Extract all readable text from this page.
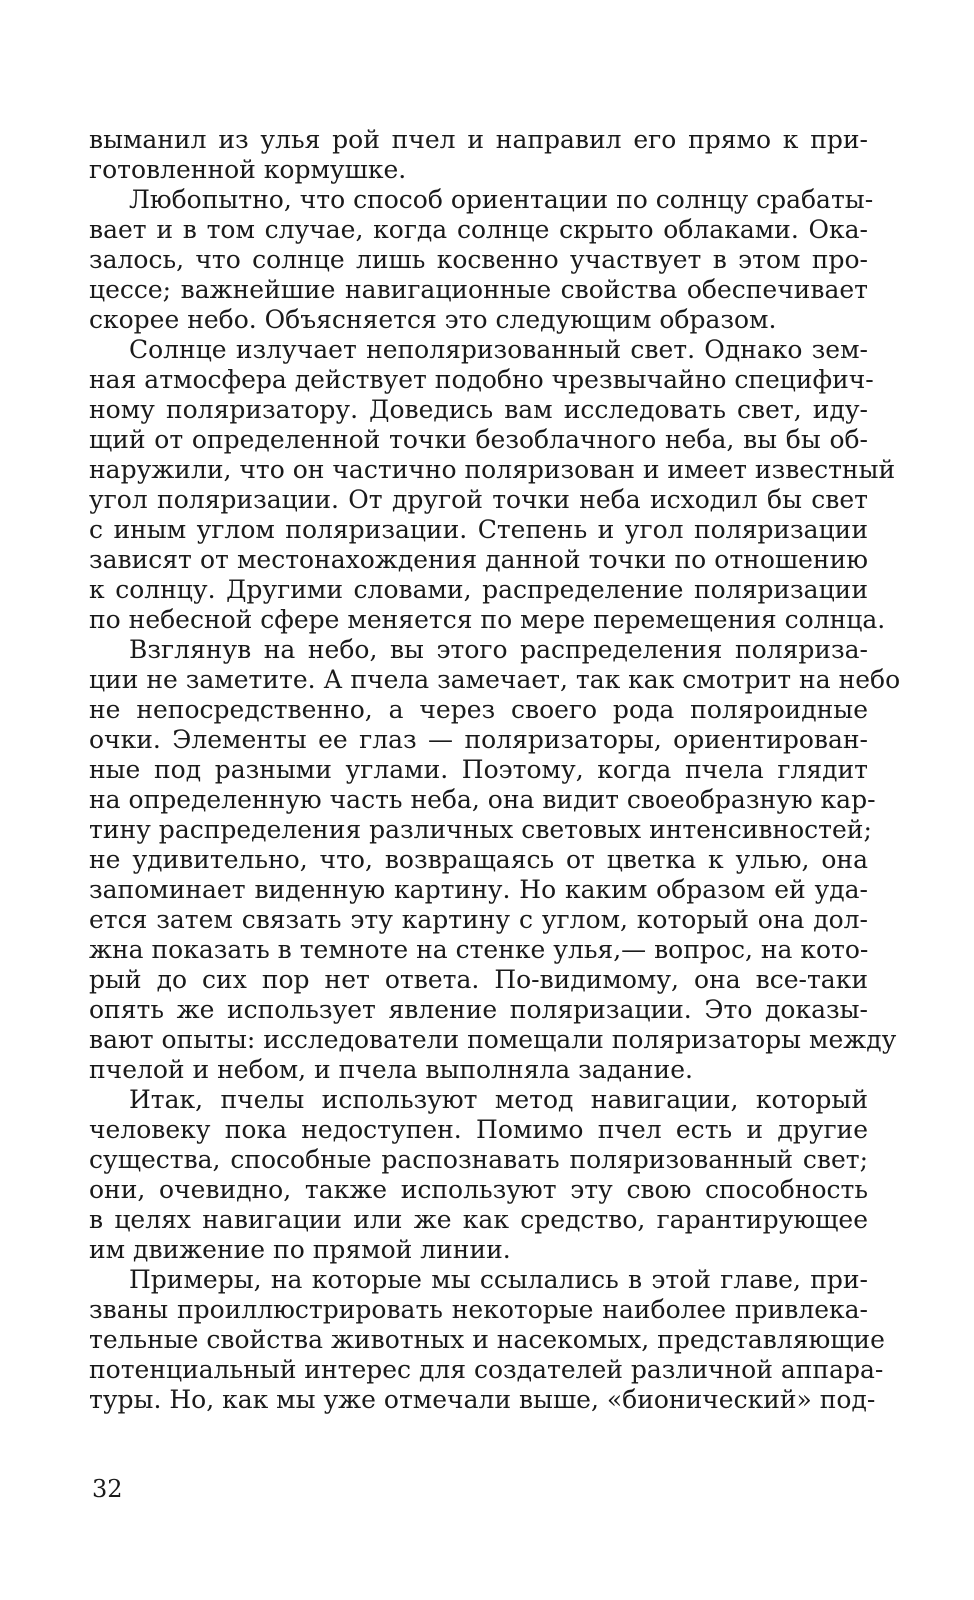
выманил из улья рой пчел и направил его прямо к при-
готовленной кормушке.
Любопытно, что способ ориентации по солнцу срабаты-
вает и в том случае, когда солнце скрыто облаками. Ока-
залось, что солнце лишь косвенно участвует в этом про-
цессе; важнейшие навигационные свойства обеспечивает
скорее небо. Объясняется это следующим образом.
Солнце излучает неполяризованный свет. Однако зем-
ная атмосфера действует подобно чрезвычайно специфич-
ному поляризатору. Доведись вам исследовать свет, иду-
щий от определенной точки безоблачного неба, вы бы об-
наружили, что он частично поляризован и имеет известный
угол поляризации. От другой точки неба исходил бы свет
с иным углом поляризации. Степень и угол поляризации
зависят от местонахождения данной точки по отношению
к солнцу. Другими словами, распределение поляризации
по небесной сфере меняется по мере перемещения солнца.
Взглянув на небо, вы этого распределения поляриза-
ции не заметите. А пчела замечает, так как смотрит на небо
не непосредственно, а через своего рода поляроидные
очки. Элементы ее глаз — поляризаторы, ориентирован-
ные под разными углами. Поэтому, когда пчела глядит
на определенную часть неба, она видит своеобразную кар-
тину распределения различных световых интенсивностей;
не удивительно, что, возвращаясь от цветка к улью, она
запоминает виденную картину. Но каким образом ей уда-
ется затем связать эту картину с углом, который она дол-
жна показать в темноте на стенке улья,— вопрос, на кото-
рый до сих пор нет ответа. По-видимому, она все-таки
опять же использует явление поляризации. Это доказы-
вают опыты: исследователи помещали поляризаторы между
пчелой и небом, и пчела выполняла задание.
Итак, пчелы используют метод навигации, который
человеку пока недоступен. Помимо пчел есть и другие
существа, способные распознавать поляризованный свет;
они, очевидно, также используют эту свою способность
в целях навигации или же как средство, гарантирующее
им движение по прямой линии.
Примеры, на которые мы ссылались в этой главе, при-
званы проиллюстрировать некоторые наиболее привлека-
тельные свойства животных и насекомых, представляющие
потенциальный интерес для создателей различной аппара-
туры. Но, как мы уже отмечали выше, «бионический» под-
32
